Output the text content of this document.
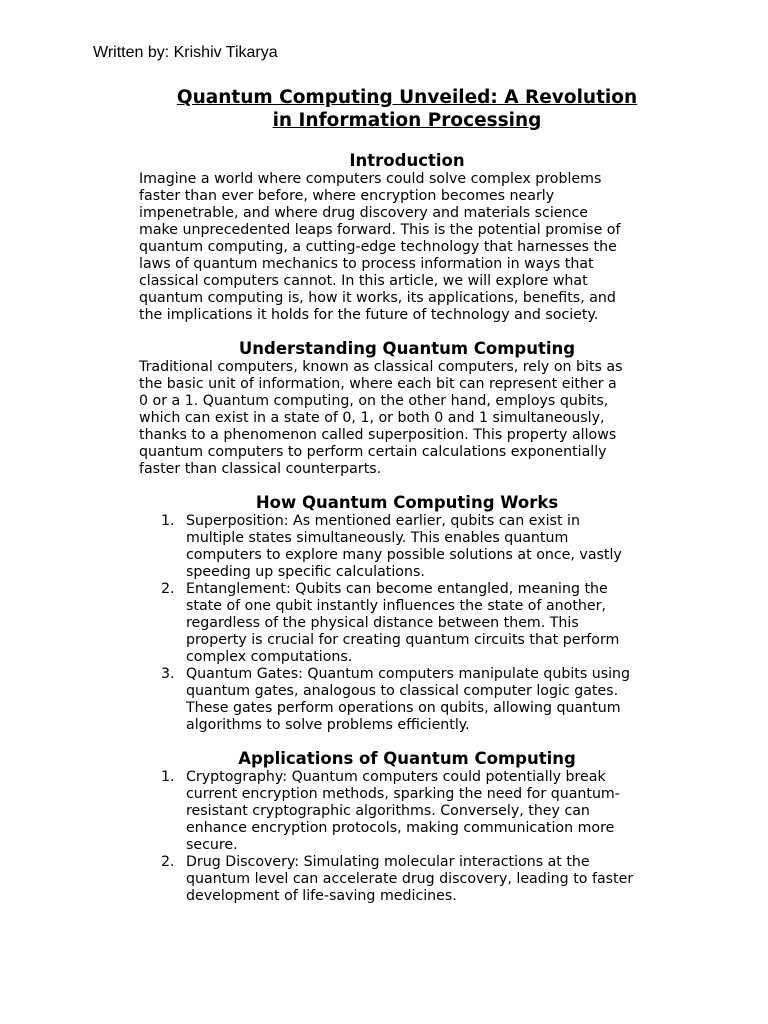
Written by: Krishiv Tikarya
Quantum Computing Unveiled: A Revolution
in Information Processing
Introduction

Imagine a world where computers could solve complex problems
faster than ever before, where encryption becomes nearly
impenetrable, and where drug discovery and materials science
make unprecedented leaps forward. This is the potential promise of
quantum computing, a cutting-edge technology that harnesses the
laws of quantum mechanics to process information in ways that
classical computers cannot. In this article, we will explore what
quantum computing is, how it works, its applications, benefits, and
the implications it holds for the future of technology and society.

Understanding Quantum Computing

Traditional computers, known as classical computers, rely on bits as
the basic unit of information, where each bit can represent either a
0 or a 1. Quantum computing, on the other hand, employs qubits,
which can exist in a state of 0, 1, or both 0 and 1 simultaneously,
thanks to a phenomenon called superposition. This property allows
quantum computers to perform certain calculations exponentially
faster than classical counterparts.

How Quantum Computing Works
1. Superposition: As mentioned earlier, qubits can exist in
multiple states simultaneously. This enables quantum
computers to explore many possible solutions at once, vastly
speeding up specific calculations.
2. Entanglement: Qubits can become entangled, meaning the
state of one qubit instantly influences the state of another,
regardless of the physical distance between them. This
property is crucial for creating quantum circuits that perform
complex computations.
3. Quantum Gates: Quantum computers manipulate qubits using
quantum gates, analogous to classical computer logic gates.
These gates perform operations on qubits, allowing quantum
algorithms to solve problems efficiently.
Applications of Quantum Computing
1. Cryptography: Quantum computers could potentially break
current encryption methods, sparking the need for quantum-
resistant cryptographic algorithms. Conversely, they can
enhance encryption protocols, making communication more
secure.
2. Drug Discovery: Simulating molecular interactions at the
quantum level can accelerate drug discovery, leading to faster
development of life-saving medicines.
